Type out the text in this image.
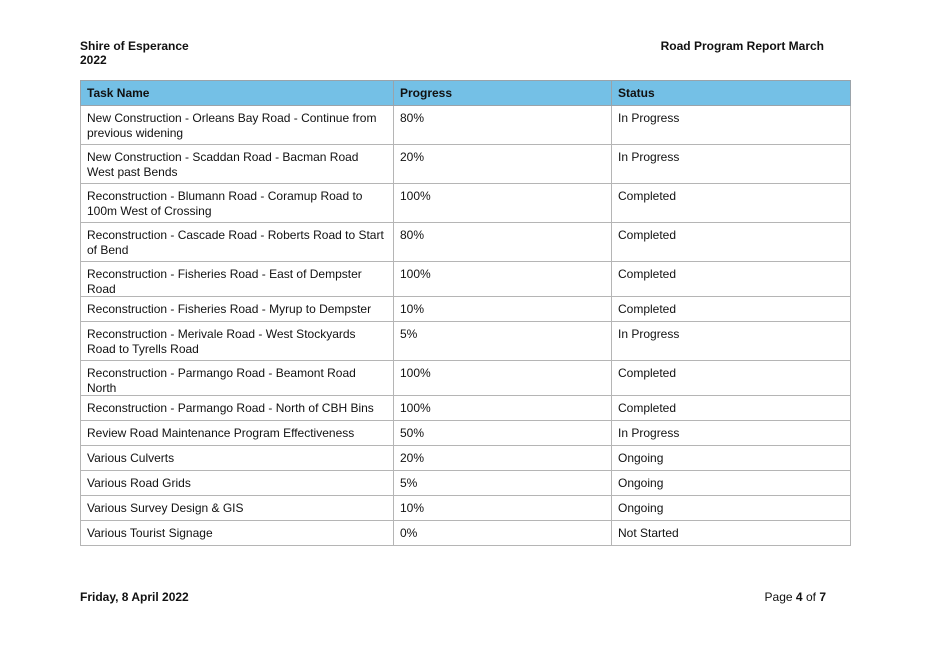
Shire of Esperance
2022
Road Program Report March
Task Name	Progress	Status
New Construction - Orleans Bay Road - Continue from previous widening	80%	In Progress
New Construction - Scaddan Road - Bacman Road West past Bends	20%	In Progress
Reconstruction - Blumann Road - Coramup Road to 100m West of Crossing	100%	Completed
Reconstruction - Cascade Road - Roberts Road to Start of Bend	80%	Completed
Reconstruction - Fisheries Road - East of Dempster Road	100%	Completed
Reconstruction - Fisheries Road - Myrup to Dempster	10%	Completed
Reconstruction - Merivale Road - West Stockyards Road to Tyrells Road	5%	In Progress
Reconstruction - Parmango Road - Beamont Road North	100%	Completed
Reconstruction - Parmango Road - North of CBH Bins	100%	Completed
Review Road Maintenance Program Effectiveness	50%	In Progress
Various Culverts	20%	Ongoing
Various Road Grids	5%	Ongoing
Various Survey Design & GIS	10%	Ongoing
Various Tourist Signage	0%	Not Started
Friday, 8 April 2022	Page 4 of 7
